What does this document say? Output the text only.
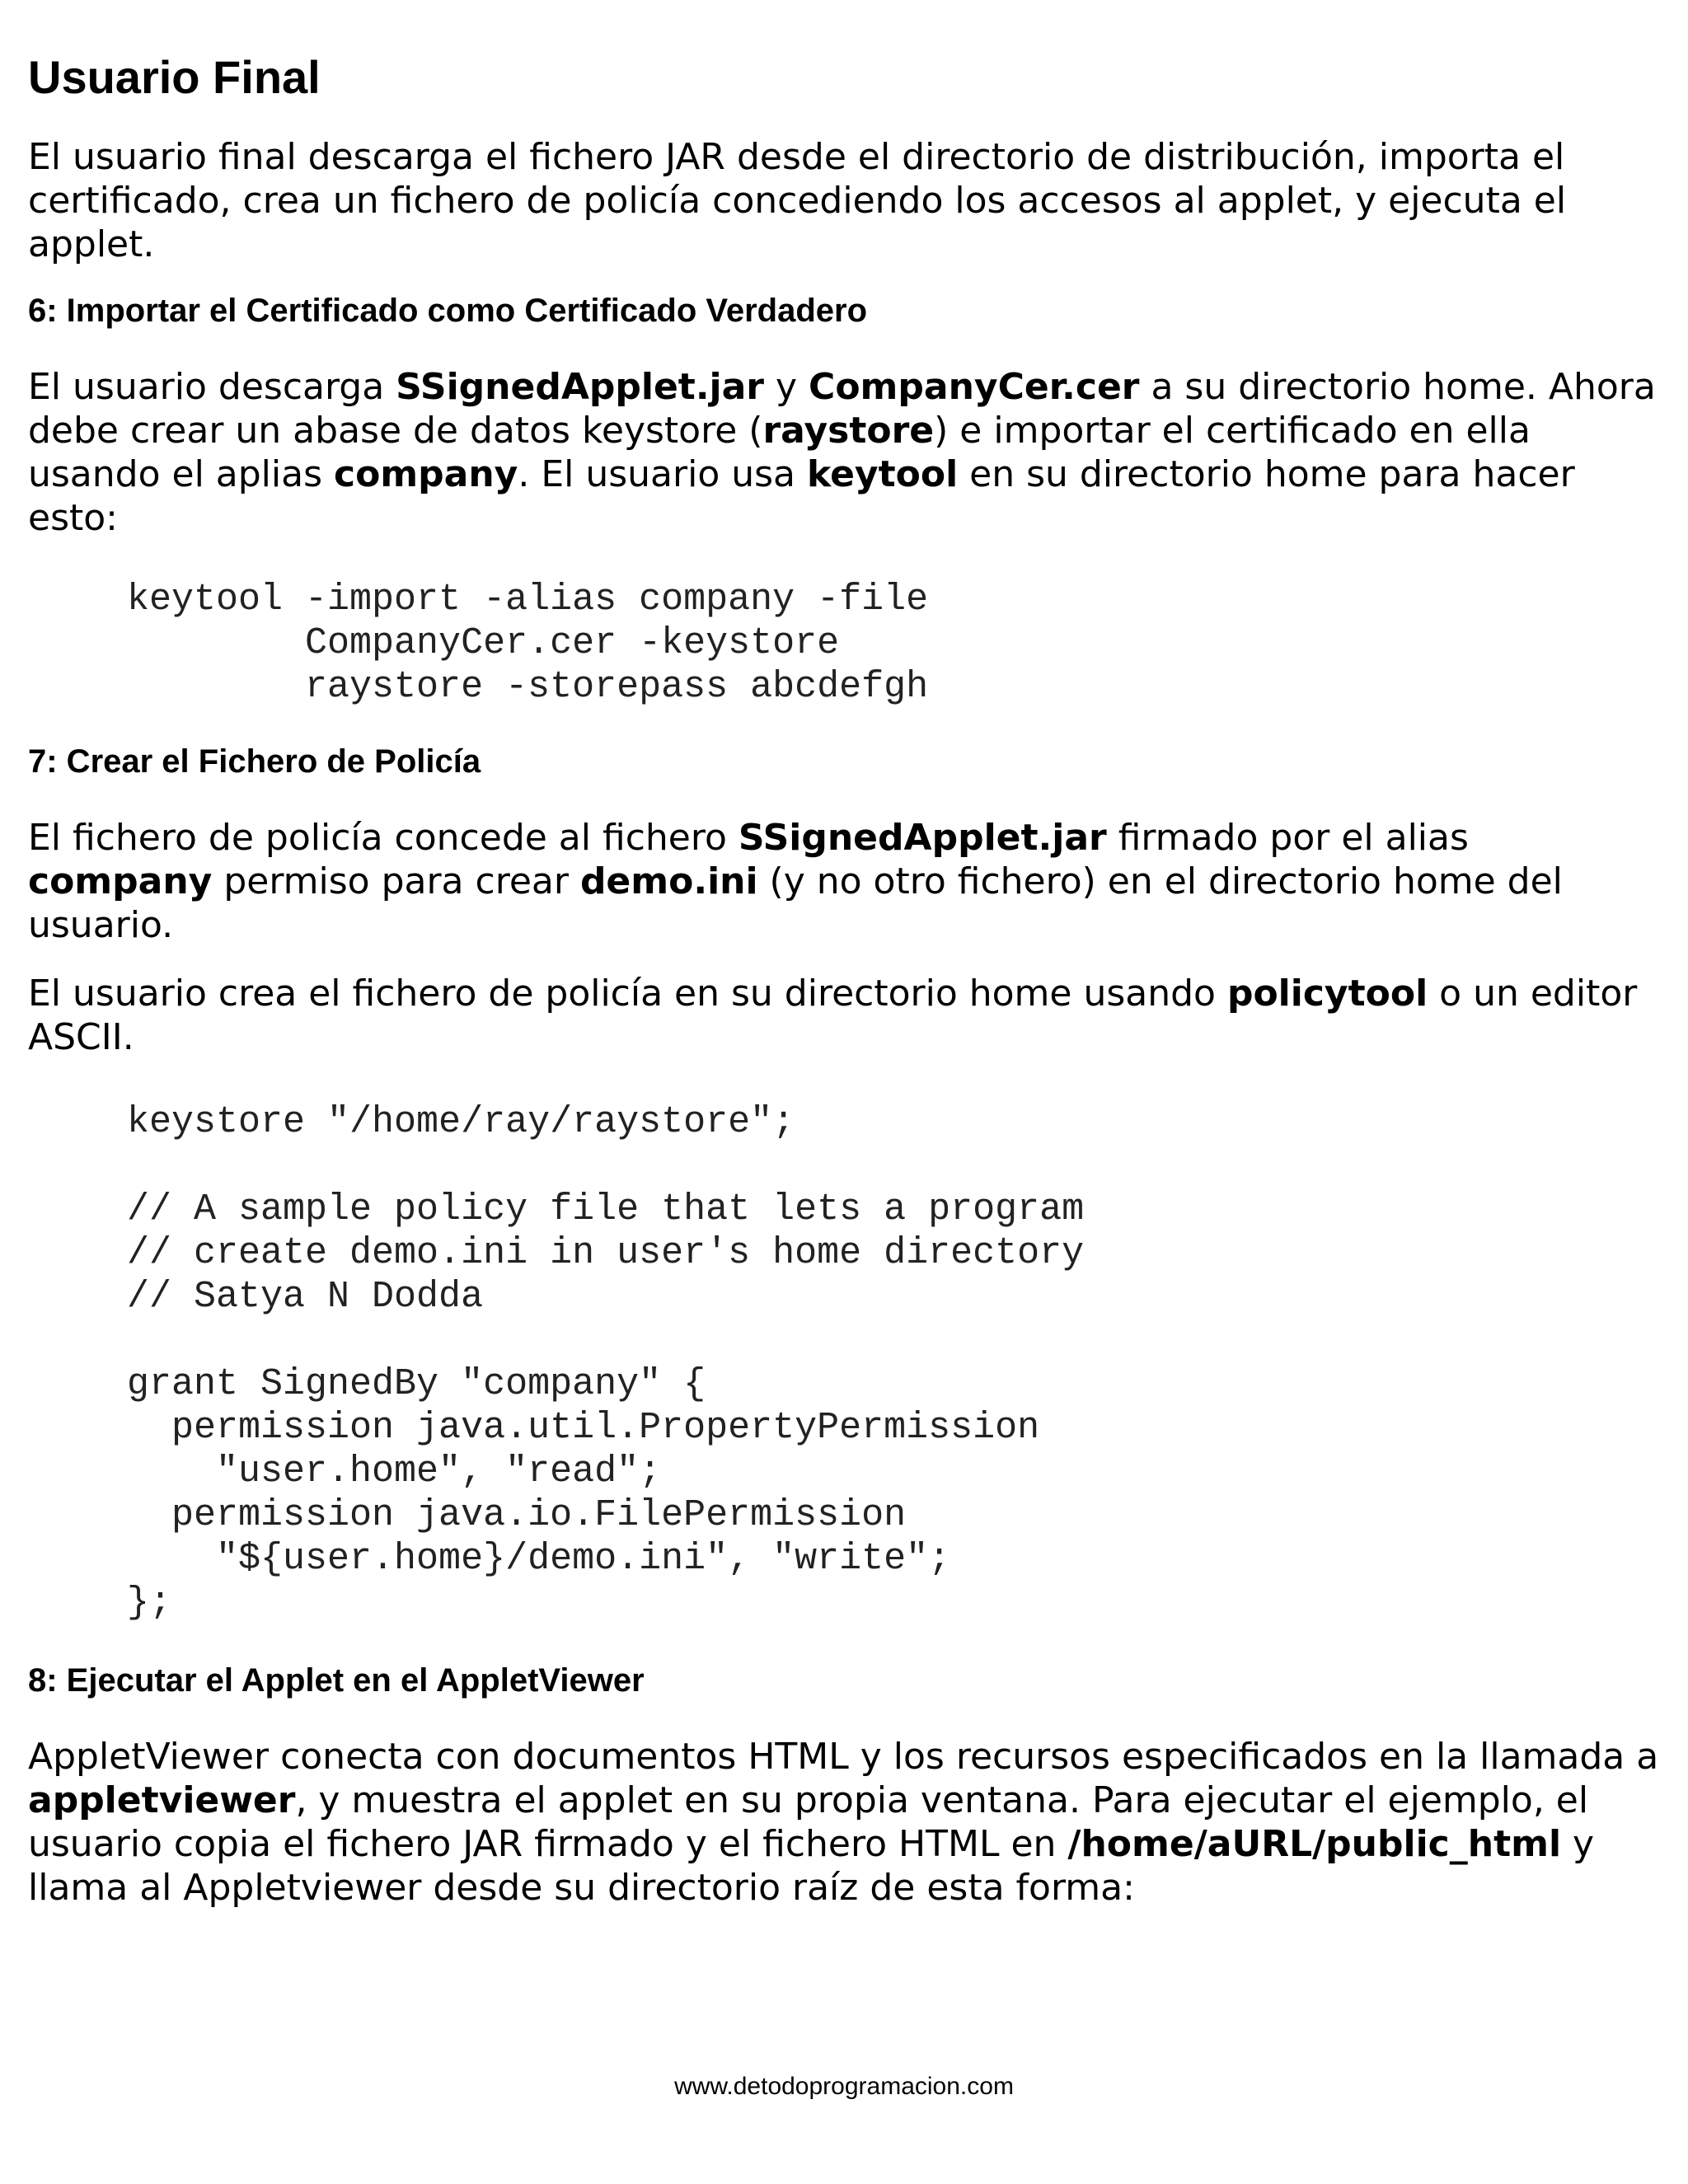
Usuario Final
El usuario final descarga el fichero JAR desde el directorio de distribución, importa el certificado, crea un fichero de policía concediendo los accesos al applet, y ejecuta el applet.
6: Importar el Certificado como Certificado Verdadero
El usuario descarga SSignedApplet.jar y CompanyCer.cer a su directorio home. Ahora debe crear un abase de datos keystore (raystore) e importar el certificado en ella usando el aplias company. El usuario usa keytool en su directorio home para hacer esto:
keytool -import -alias company -file
CompanyCer.cer -keystore
raystore -storepass abcdefgh
7: Crear el Fichero de Policía
El fichero de policía concede al fichero SSignedApplet.jar firmado por el alias company permiso para crear demo.ini (y no otro fichero) en el directorio home del usuario.
El usuario crea el fichero de policía en su directorio home usando policytool o un editor ASCII.
keystore "/home/ray/raystore";

// A sample policy file that lets a program
// create demo.ini in user's home directory
// Satya N Dodda

grant SignedBy "company" {
permission java.util.PropertyPermission
"user.home", "read";
permission java.io.FilePermission
"${user.home}/demo.ini", "write";
};
8: Ejecutar el Applet en el AppletViewer
AppletViewer conecta con documentos HTML y los recursos especificados en la llamada a appletviewer, y muestra el applet en su propia ventana. Para ejecutar el ejemplo, el usuario copia el fichero JAR firmado y el fichero HTML en /home/aURL/public_html y llama al Appletviewer desde su directorio raíz de esta forma:
www.detodoprogramacion.com
